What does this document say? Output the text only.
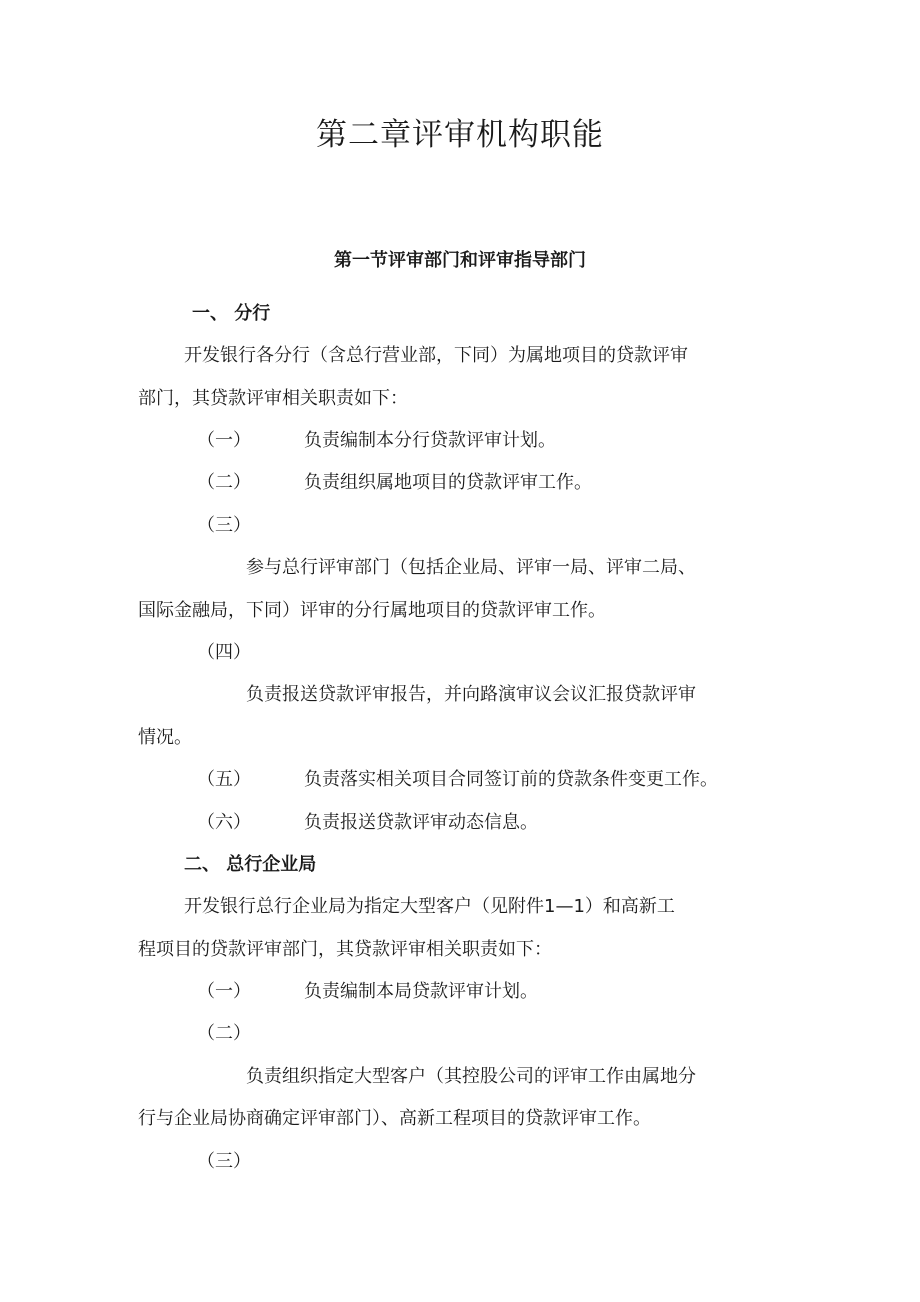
第二章评审机构职能
第一节评审部门和评审指导部门
一、 分行
开发银行各分行（含总行营业部，下同）为属地项目的贷款评审
部门，其贷款评审相关职责如下：
（一）	负责编制本分行贷款评审计划。
（二）	负责组织属地项目的贷款评审工作。
（三）
参与总行评审部门（包括企业局、评审一局、评审二局、
国际金融局，下同）评审的分行属地项目的贷款评审工作。
（四）
负责报送贷款评审报告，并向路演审议会议汇报贷款评审
情况。
（五）	负责落实相关项目合同签订前的贷款条件变更工作。
（六）	负责报送贷款评审动态信息。
二、 总行企业局
开发银行总行企业局为指定大型客户（见附件1—1）和高新工
程项目的贷款评审部门，其贷款评审相关职责如下：
（一）	负责编制本局贷款评审计划。
（二）
负责组织指定大型客户（其控股公司的评审工作由属地分
行与企业局协商确定评审部门）、高新工程项目的贷款评审工作。
（三）
